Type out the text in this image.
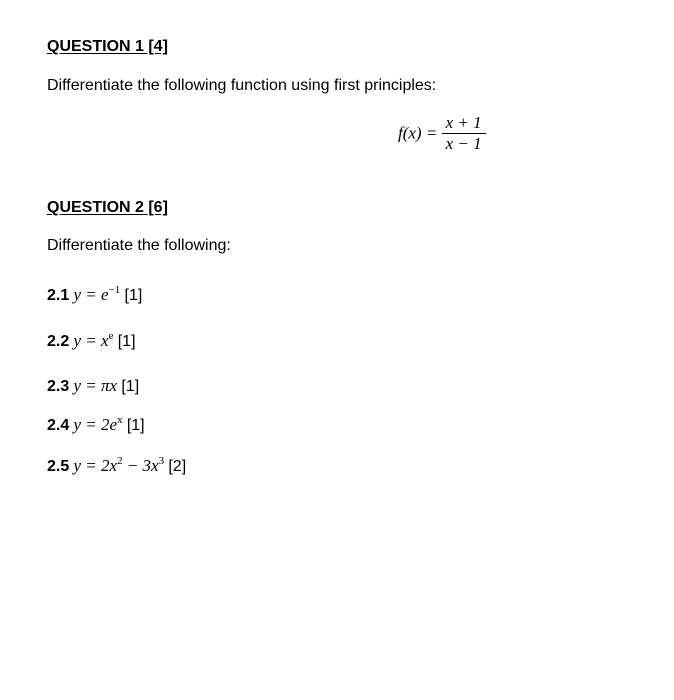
QUESTION 1 [4]
Differentiate the following function using first principles:
$f(x) = \frac{x + 1}{x - 1}$
QUESTION 2 [6]
Differentiate the following:
2.1 $y = e^{-1}$ [1]
2.2 $y = x^e$ [1]
2.3 y = πx [1]
2.4 $y = 2e^x$ [1]
2.5 $y = 2x^2 - 3x^3$ [2]
